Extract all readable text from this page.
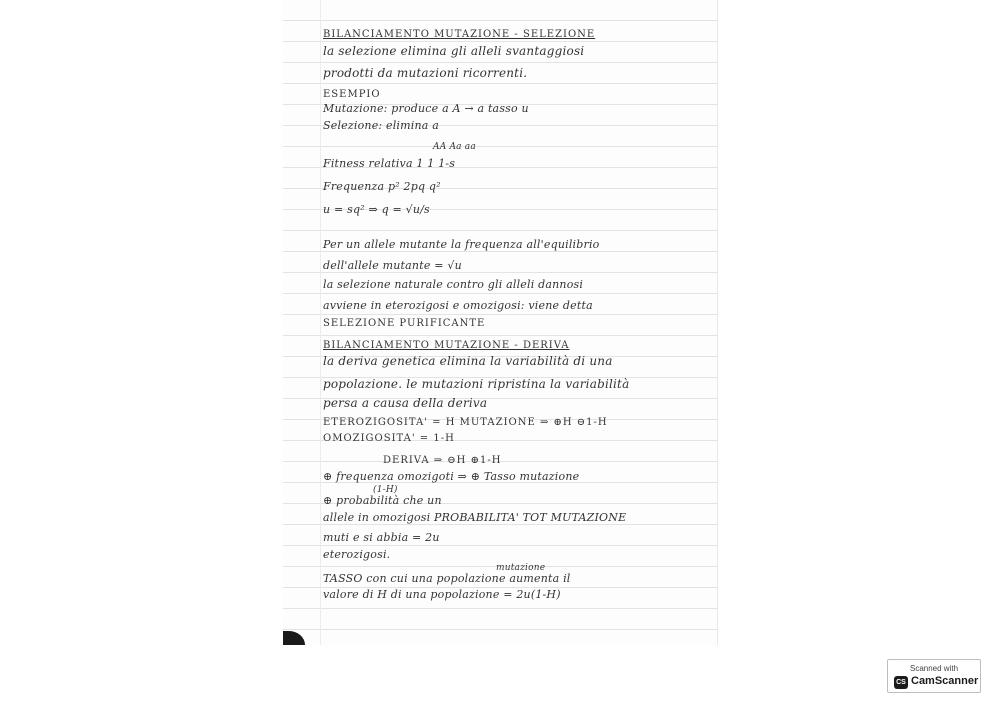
BILANCIAMENTO MUTAZIONE - SELEZIONE
la selezione elimina gli alleli svantaggiosi
prodotti da mutazioni ricorrenti.
ESEMPIO
Mutazione: produce a A → a tasso u
Selezione: elimina a
AA Aa aa
Fitness relativa 1 1 1-s
Frequenza p² 2pq q²
u = sq² ⇒ q = √u/s
Per un allele mutante la frequenza all'equilibrio
dell'allele mutante = √u
la selezione naturale contro gli alleli dannosi
avviene in eterozigosi e omozigosi: viene detta
SELEZIONE PURIFICANTE
BILANCIAMENTO MUTAZIONE - DERIVA
la deriva genetica elimina la variabilità di una
popolazione. le mutazioni ripristina la variabilità
persa a causa della deriva
ETEROZIGOSITA' = H MUTAZIONE ⇒ ⊕H ⊖1-H
OMOZIGOSITA' = 1-H
DERIVA ⇒ ⊖H ⊕1-H
⊕ frequenza omozigoti ⇒ ⊕ Tasso mutazione
(1-H)
⊕ probabilità che un
allele in omozigosi PROBABILITA' TOT MUTAZIONE
muti e si abbia = 2u
eterozigosi.
mutazione
TASSO con cui una popolazione aumenta il
valore di H di una popolazione = 2u(1-H)
Scanned with
CS CamScanner
